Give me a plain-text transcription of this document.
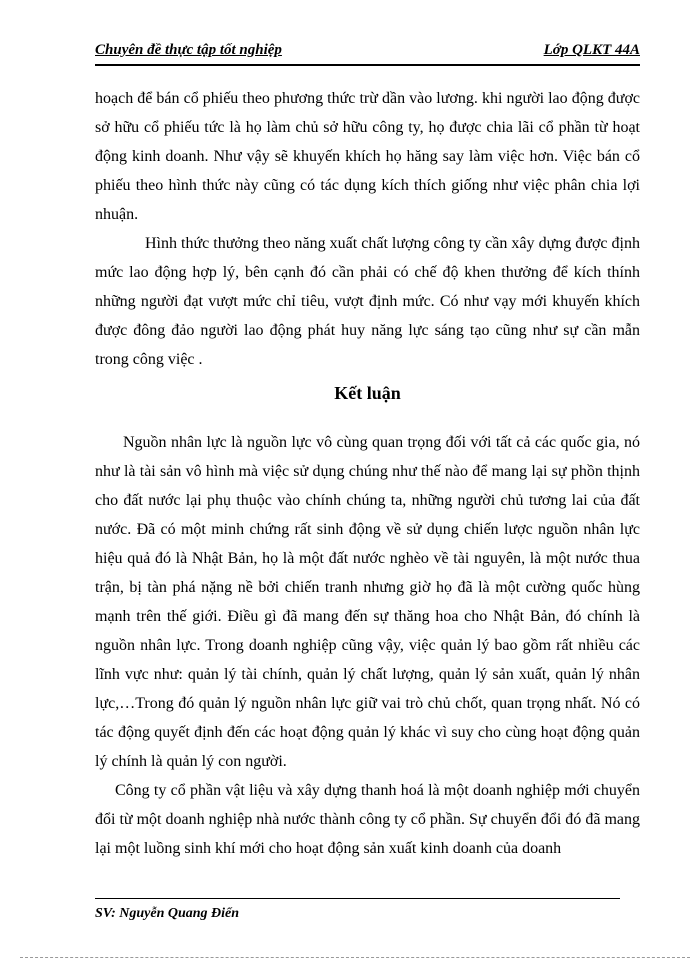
Chuyên đề thực tập tốt nghiệp	Lớp QLKT 44A

hoạch để bán cổ phiếu theo phương thức trừ dần vào lương. khi người lao động được sở hữu cổ phiếu tức là họ làm chủ sở hữu công ty, họ được chia lãi cổ phần từ hoạt động kinh doanh. Như vậy sẽ khuyến khích họ hăng say làm việc hơn. Việc bán cổ phiếu theo hình thức này cũng có tác dụng kích thích giống như việc phân chia lợi nhuận.

Hình thức thưởng theo năng xuất chất lượng công ty cần xây dựng được định mức lao động hợp lý, bên cạnh đó cần phải có chế độ khen thưởng để kích thính những người đạt vượt mức chỉ tiêu, vượt định mức. Có như vạy mới khuyến khích được đông đảo người lao động phát huy năng lực sáng tạo cũng như sự cần mẫn trong công việc .

Kết luận

Nguồn nhân lực là nguồn lực vô cùng quan trọng đối với tất cả các quốc gia, nó như là tài sản vô hình mà việc sử dụng chúng như thế nào để mang lại sự phồn thịnh cho đất nước lại phụ thuộc vào chính chúng ta, những người chủ tương lai của đất nước. Đã có một minh chứng rất sinh động về sử dụng chiến lược nguồn nhân lực hiệu quả đó là Nhật Bản, họ là một đất nước nghèo về tài nguyên, là một nước thua trận, bị tàn phá nặng nề bởi chiến tranh nhưng giờ họ đã là một cường quốc hùng mạnh trên thế giới. Điều gì đã mang đến sự thăng hoa cho Nhật Bản, đó chính là nguồn nhân lực. Trong doanh nghiệp cũng vậy, việc quản lý bao gồm rất nhiều các lĩnh vực như: quản lý tài chính, quản lý chất lượng, quản lý sản xuất, quản lý nhân lực,…Trong đó quản lý nguồn nhân lực giữ vai trò chủ chốt, quan trọng nhất. Nó có tác động quyết định đến các hoạt động quản lý khác vì suy cho cùng hoạt động quản lý chính là quản lý con người.

Công ty cổ phần vật liệu và xây dựng thanh hoá là một doanh nghiệp mới chuyển đổi từ một doanh nghiệp nhà nước thành công ty cổ phần. Sự chuyển đổi đó đã mang lại một luồng sinh khí mới cho hoạt động sản xuất kinh doanh của doanh

SV: Nguyễn Quang Điển
